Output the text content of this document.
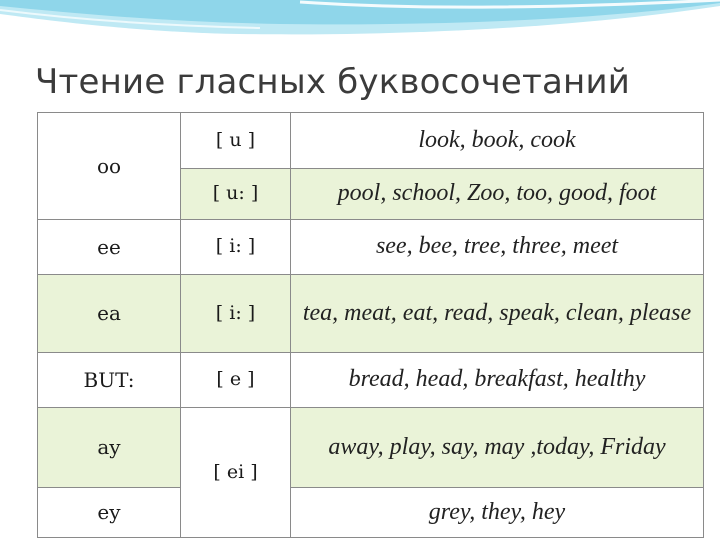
Чтение гласных буквосочетаний
oo	[ u ]	look, book, cook
	[ u: ]	pool, school, Zoo, too, good, foot
ee	[ i: ]	see, bee, tree, three, meet
ea	[ i: ]	tea, meat, eat, read, speak, clean, please
BUT:	[ e ]	bread, head, breakfast, healthy
ay	[ ei ]	away, play, say, may ,today, Friday
ey		grey, they, hey
